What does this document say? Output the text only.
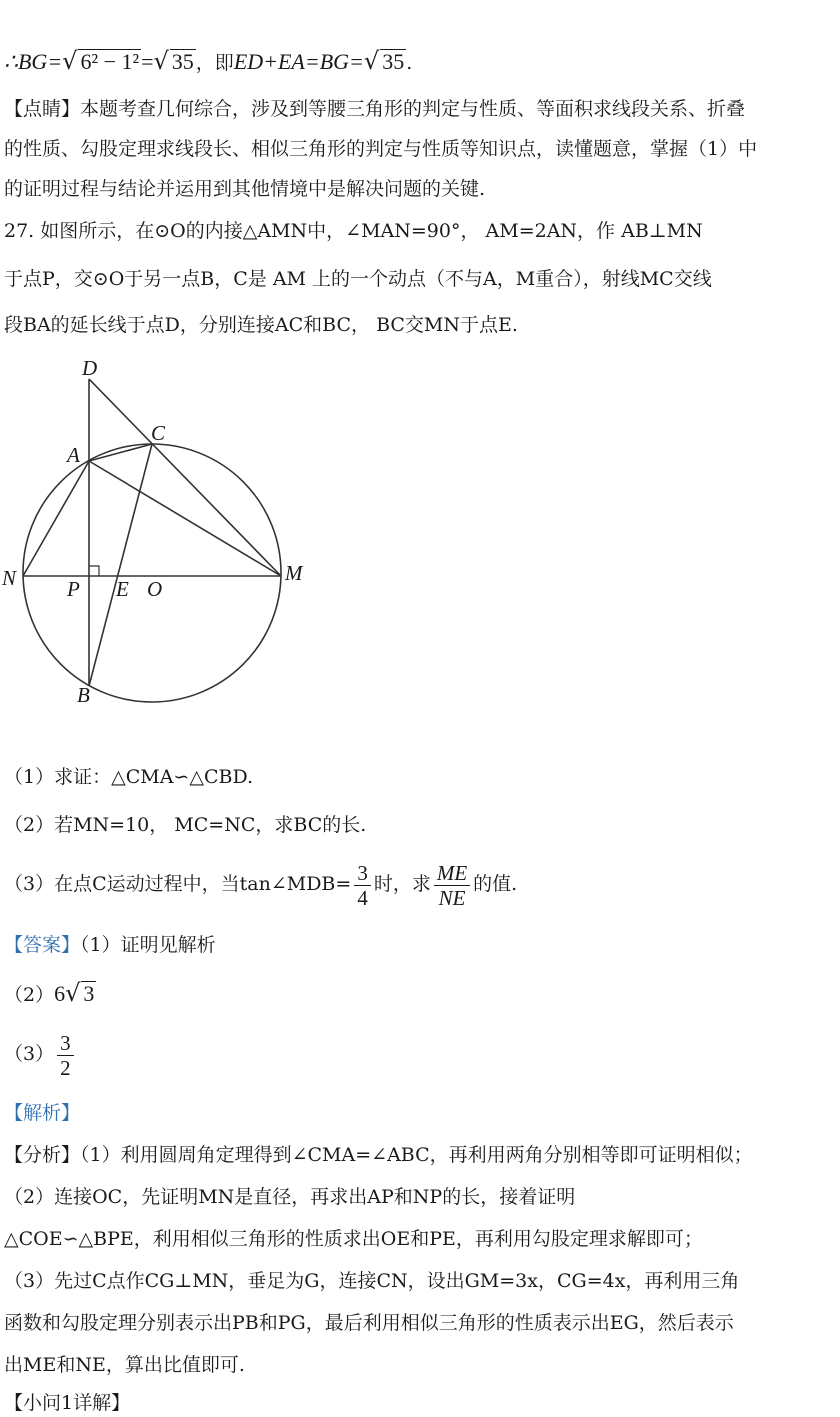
∴BG=√ 6² − 1²=√ 35 ，即ED+EA=BG=√ 35 .
【点睛】本题考查几何综合，涉及到等腰三角形的判定与性质、等面积求线段关系、折叠
的性质、勾股定理求线段长、相似三角形的判定与性质等知识点，读懂题意，掌握（1）中
的证明过程与结论并运用到其他情境中是解决问题的关键.
27. 如图所示，在⊙O的内接△AMN中，∠MAN=90°， AM=2AN，作 AB⊥MN
于点P，交⊙O于另一点B，C是 AM 上的一个动点（不与A，M重合），射线MC交线
段BA的延长线于点D，分别连接AC和BC， BC交MN于点E.
D
C
A
N	M
P E O
B
（1）求证：△CMA∽△CBD.
（2）若MN=10， MC=NC，求BC的长.
（3）在点C运动过程中，当tan∠MDB= $\frac{3}{4}$ 时，求 $\frac{ME}{NE}$ 的值.
【答案】（1）证明见解析
（2）6√ 3
$(3) \frac{3}{2}$
【解析】
【分析】（1）利用圆周角定理得到∠CMA=∠ABC，再利用两角分别相等即可证明相似；
（2）连接OC，先证明MN是直径，再求出AP和NP的长，接着证明
△COE∽△BPE，利用相似三角形的性质求出OE和PE，再利用勾股定理求解即可；
（3）先过C点作CG⊥MN，垂足为G，连接CN，设出GM=3x，CG=4x，再利用三角
函数和勾股定理分别表示出PB和PG，最后利用相似三角形的性质表示出EG，然后表示
出ME和NE，算出比值即可.
【小问1详解】
